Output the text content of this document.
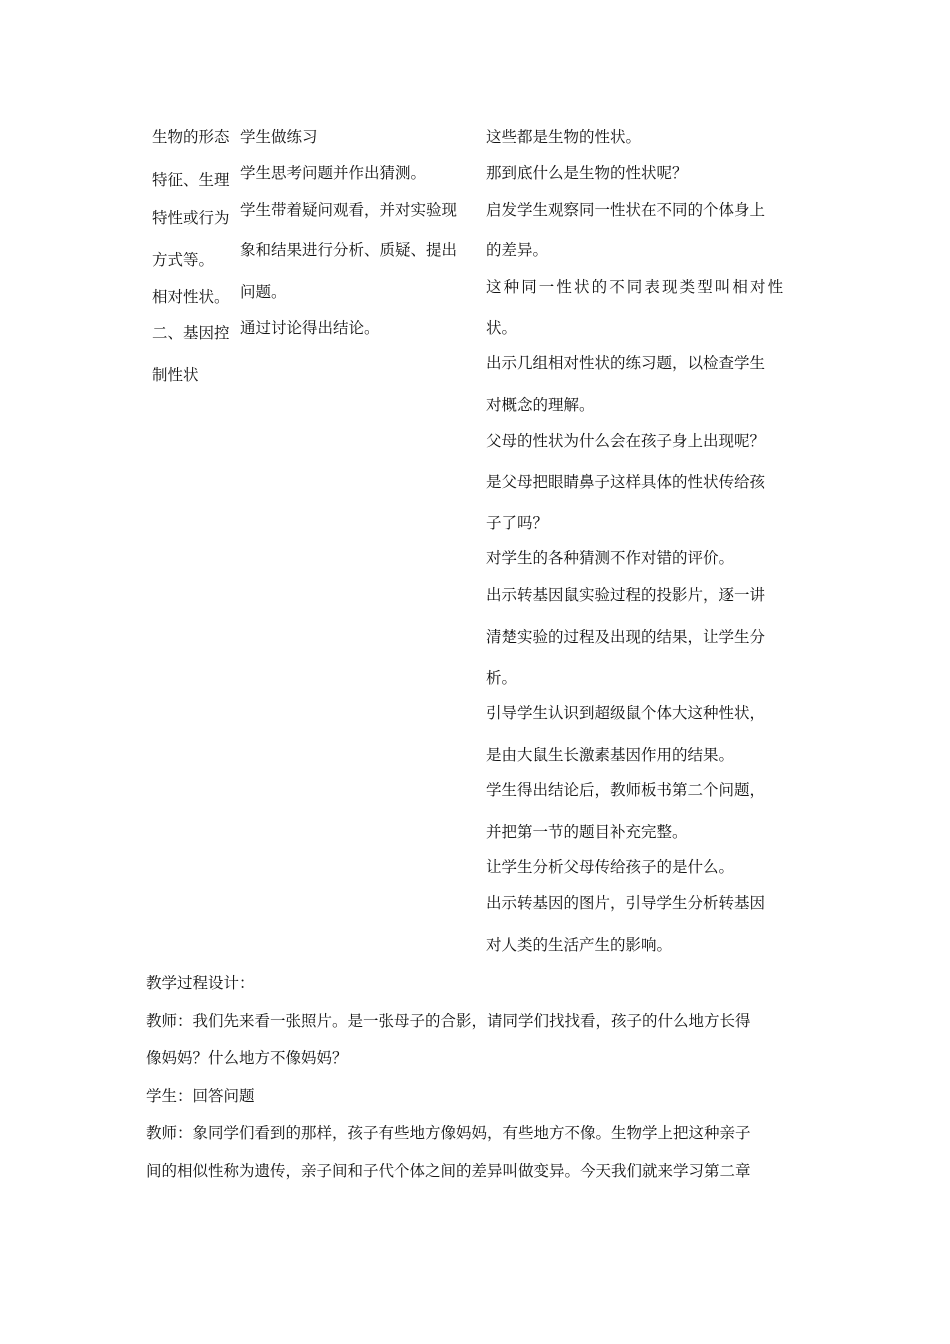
生物的形态
特征、生理
特性或行为
方式等。
相对性状。
二、基因控
制性状
学生做练习
学生思考问题并作出猜测。
学生带着疑问观看，并对实验现
象和结果进行分析、质疑、提出
问题。
通过讨论得出结论。
这些都是生物的性状。
那到底什么是生物的性状呢？
启发学生观察同一性状在不同的个体身上
的差异。
这种同一性状的不同表现类型叫相对性
状。
出示几组相对性状的练习题，以检查学生
对概念的理解。
父母的性状为什么会在孩子身上出现呢？
是父母把眼睛鼻子这样具体的性状传给孩
子了吗？
对学生的各种猜测不作对错的评价。
出示转基因鼠实验过程的投影片，逐一讲
清楚实验的过程及出现的结果，让学生分
析。
引导学生认识到超级鼠个体大这种性状，
是由大鼠生长激素基因作用的结果。
学生得出结论后，教师板书第二个问题，
并把第一节的题目补充完整。
让学生分析父母传给孩子的是什么。
出示转基因的图片，引导学生分析转基因
对人类的生活产生的影响。
教学过程设计：
教师：我们先来看一张照片。是一张母子的合影，请同学们找找看，孩子的什么地方长得
像妈妈？什么地方不像妈妈？
学生：回答问题
教师：象同学们看到的那样，孩子有些地方像妈妈，有些地方不像。生物学上把这种亲子
间的相似性称为遗传，亲子间和子代个体之间的差异叫做变异。今天我们就来学习第二章
